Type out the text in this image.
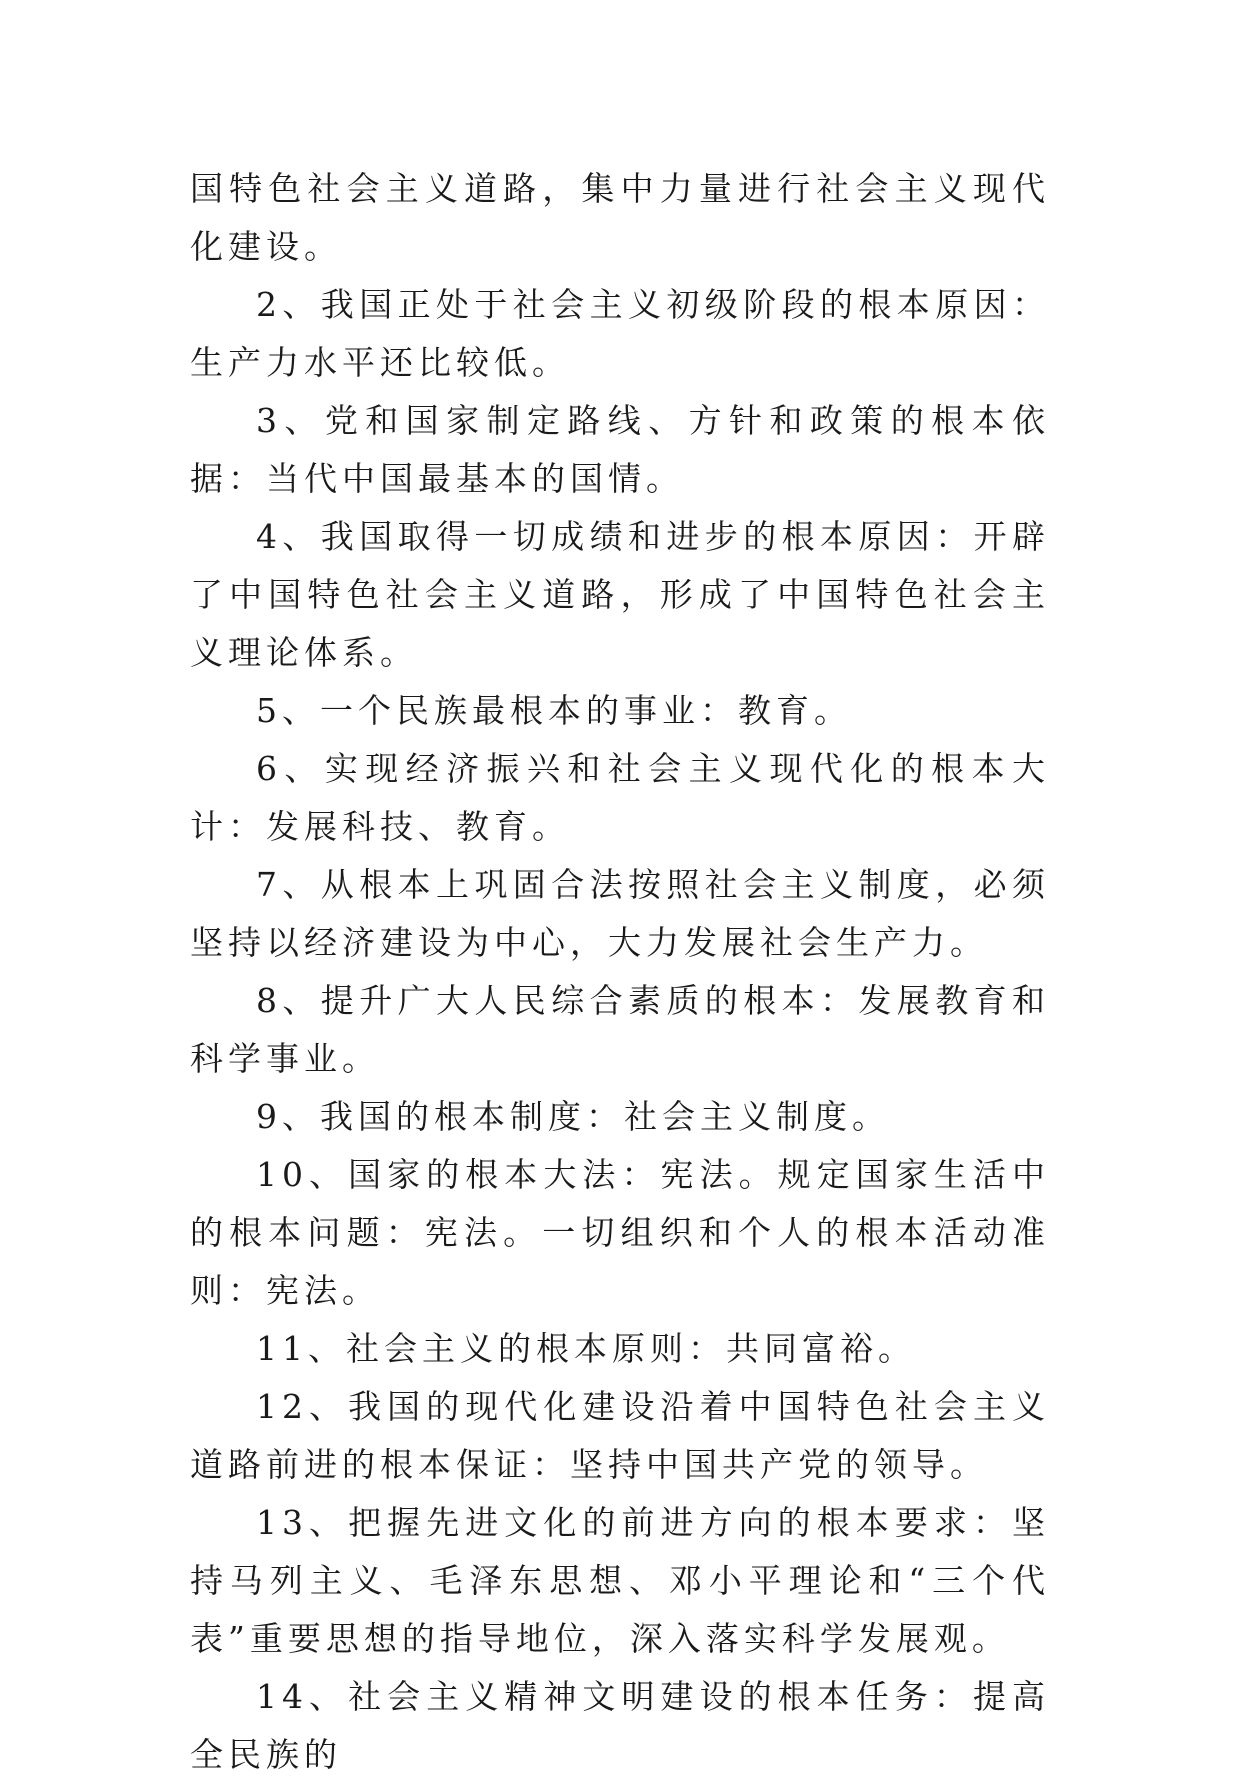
国特色社会主义道路，集中力量进行社会主义现代化建设。

2、我国正处于社会主义初级阶段的根本原因：生产力水平还比较低。

3、党和国家制定路线、方针和政策的根本依据：当代中国最基本的国情。

4、我国取得一切成绩和进步的根本原因：开辟了中国特色社会主义道路，形成了中国特色社会主义理论体系。

5、一个民族最根本的事业：教育。

6、实现经济振兴和社会主义现代化的根本大计：发展科技、教育。

7、从根本上巩固合法按照社会主义制度，必须坚持以经济建设为中心，大力发展社会生产力。

8、提升广大人民综合素质的根本：发展教育和科学事业。

9、我国的根本制度：社会主义制度。

10、国家的根本大法：宪法。规定国家生活中的根本问题：宪法。一切组织和个人的根本活动准则：宪法。

11、社会主义的根本原则：共同富裕。

12、我国的现代化建设沿着中国特色社会主义道路前进的根本保证：坚持中国共产党的领导。

13、把握先进文化的前进方向的根本要求：坚持马列主义、毛泽东思想、邓小平理论和“三个代表”重要思想的指导地位，深入落实科学发展观。

14、社会主义精神文明建设的根本任务：提高全民族的
